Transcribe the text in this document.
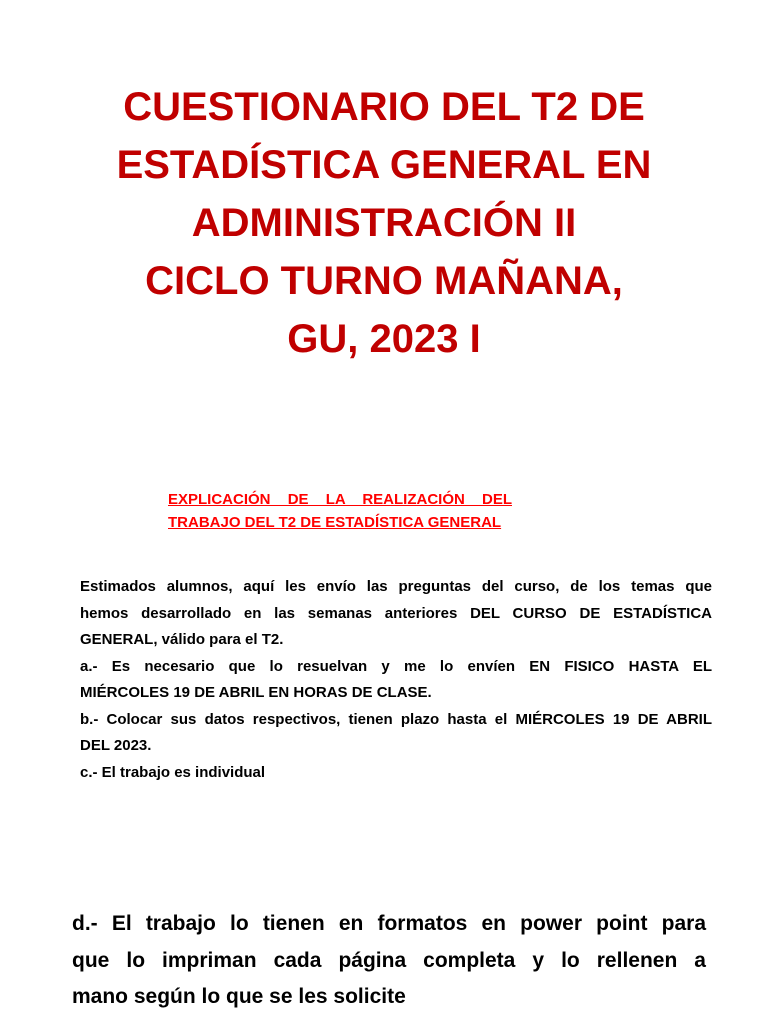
CUESTIONARIO DEL T2 DE
ESTADÍSTICA GENERAL EN
ADMINISTRACIÓN II
CICLO TURNO MAÑANA,
GU, 2023 I
EXPLICACIÓN DE LA REALIZACIÓN DEL
TRABAJO DEL T2 DE ESTADÍSTICA GENERAL
Estimados alumnos, aquí les envío las preguntas del curso, de los temas que
hemos desarrollado en las semanas anteriores DEL CURSO DE ESTADÍSTICA
GENERAL, válido para el T2.
a.- Es necesario que lo resuelvan y me lo envíen EN FISICO HASTA EL
MIÉRCOLES 19 DE ABRIL EN HORAS DE CLASE.
b.- Colocar sus datos respectivos, tienen plazo hasta el MIÉRCOLES 19 DE ABRIL
DEL 2023.
c.- El trabajo es individual
d.- El trabajo lo tienen en formatos en power point para
que lo impriman cada página completa y lo rellenen a
mano según lo que se les solicite
